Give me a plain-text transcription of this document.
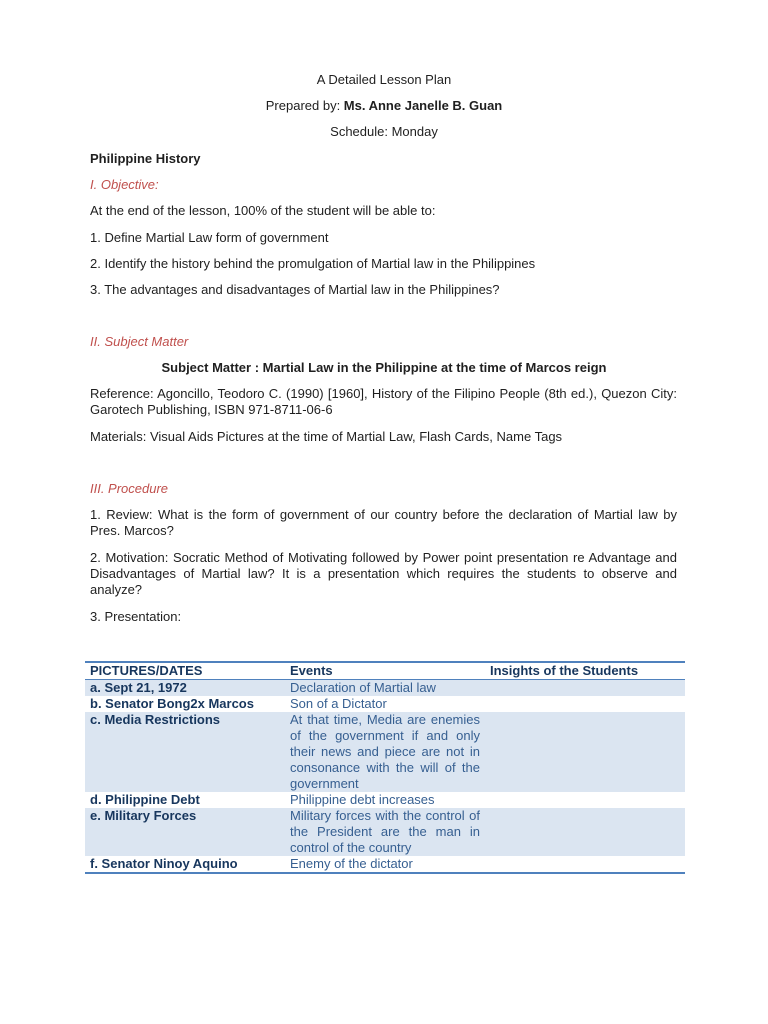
A Detailed Lesson Plan
Prepared by: Ms. Anne Janelle B. Guan
Schedule: Monday
Philippine History
I. Objective:
At the end of the lesson, 100% of the student will be able to:
1. Define Martial Law form of government
2. Identify the history behind the promulgation of Martial law in the Philippines
3. The advantages and disadvantages of Martial law in the Philippines?
II. Subject Matter
Subject Matter : Martial Law in the Philippine at the time of Marcos reign
Reference: Agoncillo, Teodoro C. (1990) [1960], History of the Filipino People (8th ed.), Quezon City: Garotech Publishing, ISBN 971-8711-06-6
Materials: Visual Aids Pictures at the time of Martial Law, Flash Cards, Name Tags
III. Procedure
1. Review: What is the form of government of our country before the declaration of Martial law by Pres. Marcos?
2. Motivation: Socratic Method of Motivating followed by Power point presentation re Advantage and Disadvantages of Martial law? It is a presentation which requires the students to observe and analyze?
3. Presentation:
PICTURES/DATES	Events	Insights of the Students
a. Sept 21, 1972	Declaration of Martial law	
b. Senator Bong2x Marcos	Son of a Dictator	
c. Media Restrictions	At that time, Media are enemies of the government if and only their news and piece are not in consonance with the will of the government	
d. Philippine Debt	Philippine debt increases	
e. Military Forces	Military forces with the control of the President are the man in control of the country	
f. Senator Ninoy Aquino	Enemy of the dictator	
